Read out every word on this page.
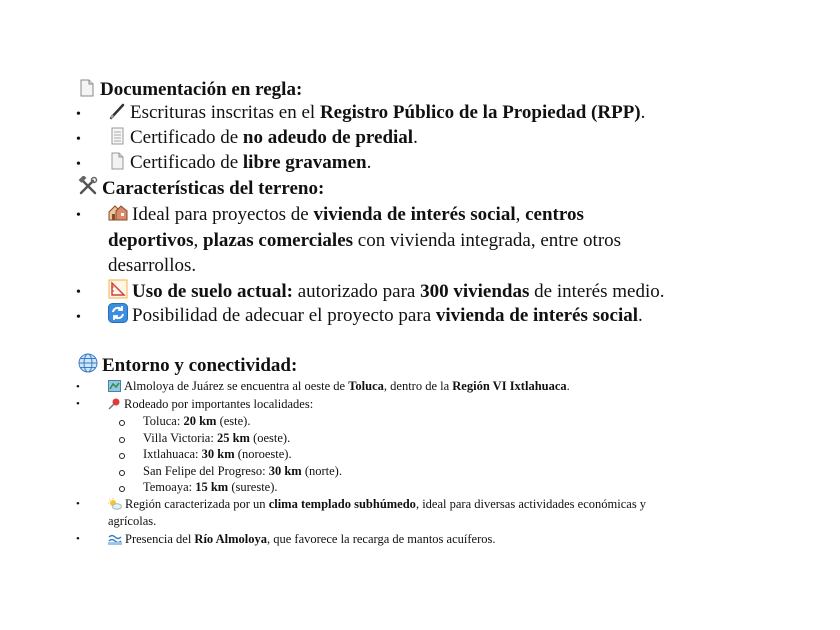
Documentación en regla:
•	Escrituras inscritas en el Registro Público de la Propiedad (RPP).
•	Certificado de no adeudo de predial.
•	Certificado de libre gravamen.
Características del terreno:
•	Ideal para proyectos de vivienda de interés social, centros
deportivos, plazas comerciales con vivienda integrada, entre otros
desarrollos.
•	Uso de suelo actual: autorizado para 300 viviendas de interés medio.
•	Posibilidad de adecuar el proyecto para vivienda de interés social.
Entorno y conectividad:
•	Almoloya de Juárez se encuentra al oeste de Toluca, dentro de la Región VI Ixtlahuaca.
•	Rodeado por importantes localidades:
Toluca: 20 km (este).
Villa Victoria: 25 km (oeste).
Ixtlahuaca: 30 km (noroeste).
San Felipe del Progreso: 30 km (norte).
Temoaya: 15 km (sureste).
•	Región caracterizada por un clima templado subhúmedo, ideal para diversas actividades económicas y
agrícolas.
•	Presencia del Río Almoloya, que favorece la recarga de mantos acuíferos.
